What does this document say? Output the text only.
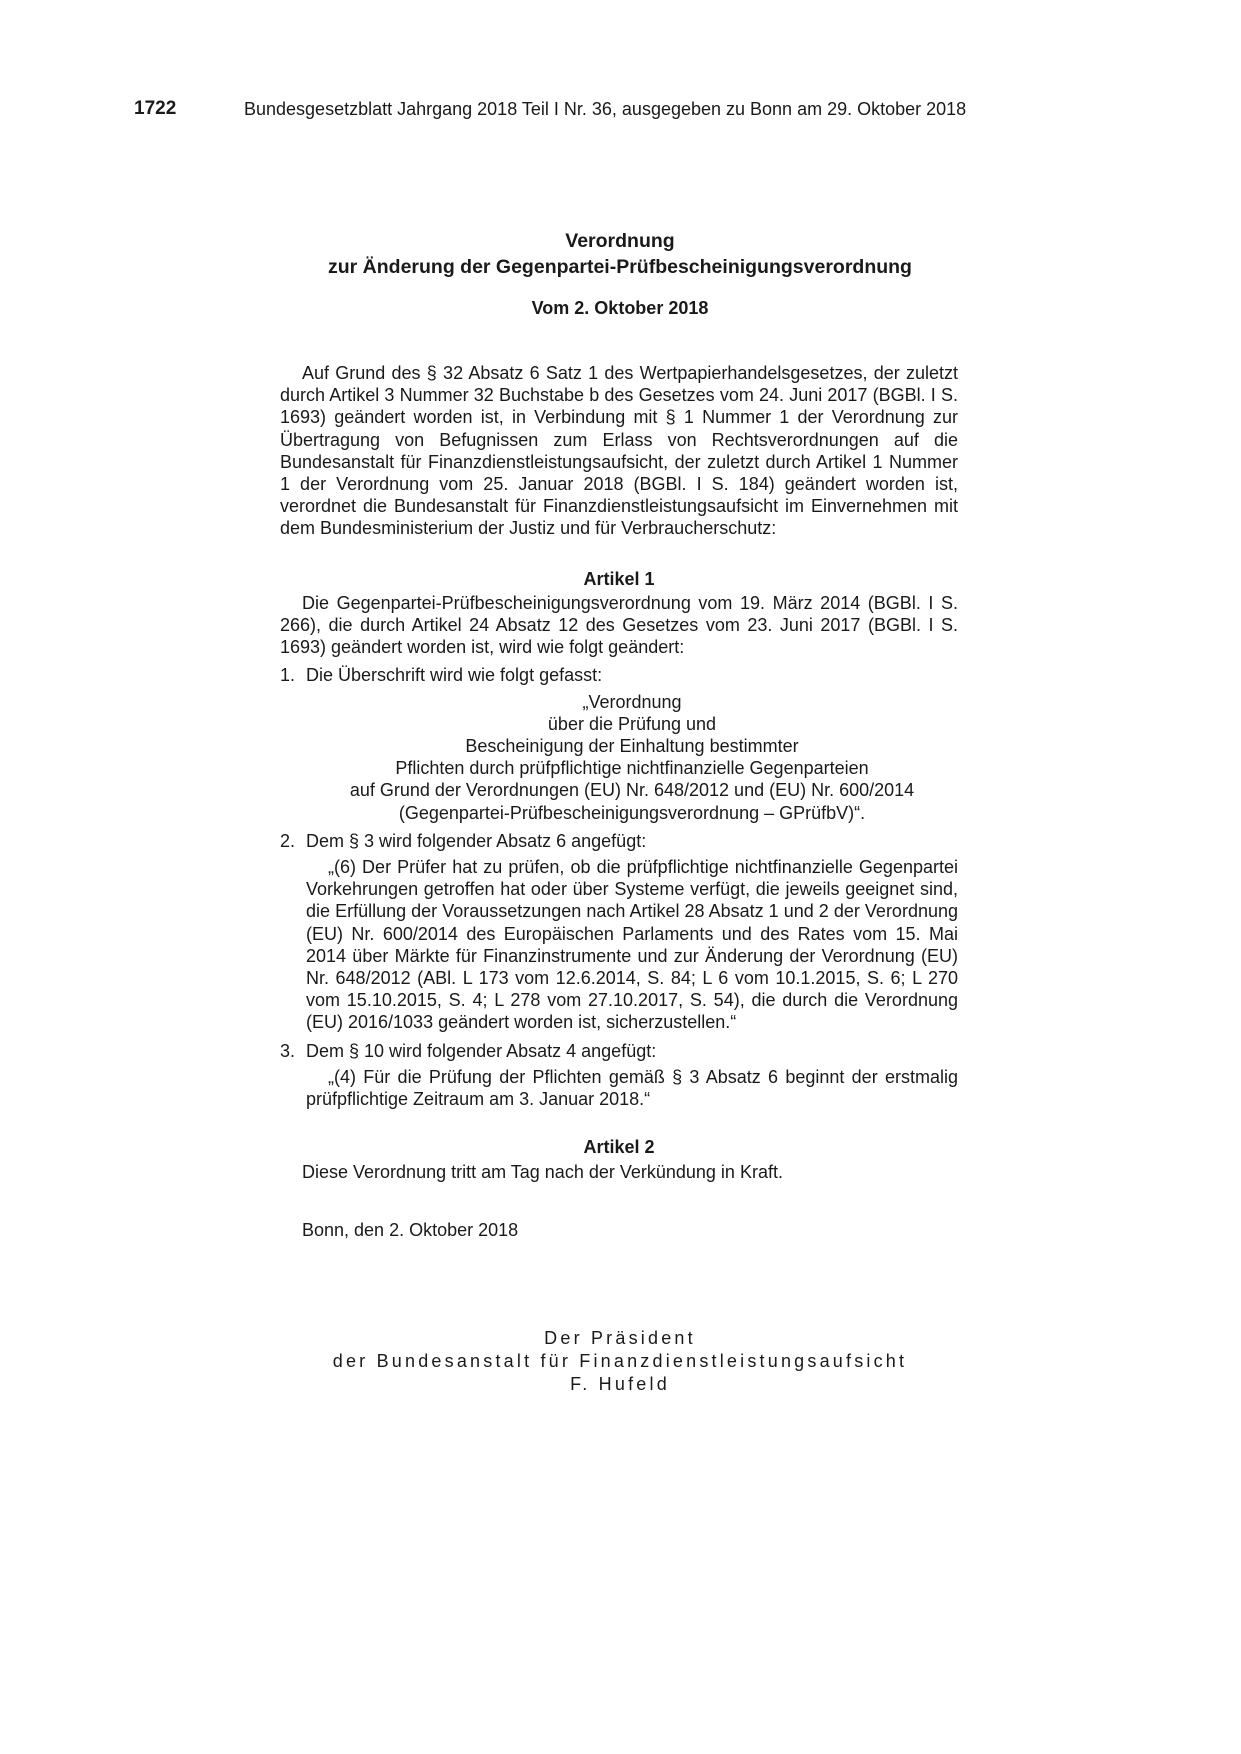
1722	Bundesgesetzblatt Jahrgang 2018 Teil I Nr. 36, ausgegeben zu Bonn am 29. Oktober 2018
Verordnung
zur Änderung der Gegenpartei-Prüfbescheinigungsverordnung
Vom 2. Oktober 2018

Auf Grund des § 32 Absatz 6 Satz 1 des Wertpapierhandelsgesetzes, der zuletzt durch Artikel 3 Nummer 32 Buchstabe b des Gesetzes vom 24. Juni 2017 (BGBl. I S. 1693) geändert worden ist, in Verbindung mit § 1 Nummer 1 der Verordnung zur Übertragung von Befugnissen zum Erlass von Rechtsverordnungen auf die Bundesanstalt für Finanzdienstleistungsaufsicht, der zuletzt durch Artikel 1 Nummer 1 der Verordnung vom 25. Januar 2018 (BGBl. I S. 184) geändert worden ist, verordnet die Bundesanstalt für Finanzdienstleistungsaufsicht im Einvernehmen mit dem Bundesministerium der Justiz und für Verbraucherschutz:

Artikel 1

Die Gegenpartei-Prüfbescheinigungsverordnung vom 19. März 2014 (BGBl. I S. 266), die durch Artikel 24 Absatz 12 des Gesetzes vom 23. Juni 2017 (BGBl. I S. 1693) geändert worden ist, wird wie folgt geändert:

1. Die Überschrift wird wie folgt gefasst:
„Verordnung
über die Prüfung und
Bescheinigung der Einhaltung bestimmter
Pflichten durch prüfpflichtige nichtfinanzielle Gegenparteien
auf Grund der Verordnungen (EU) Nr. 648/2012 und (EU) Nr. 600/2014
(Gegenpartei-Prüfbescheinigungsverordnung – GPrüfbV)“.
2. Dem § 3 wird folgender Absatz 6 angefügt:

„(6) Der Prüfer hat zu prüfen, ob die prüfpflichtige nichtfinanzielle Gegenpartei Vorkehrungen getroffen hat oder über Systeme verfügt, die jeweils geeignet sind, die Erfüllung der Voraussetzungen nach Artikel 28 Absatz 1 und 2 der Verordnung (EU) Nr. 600/2014 des Europäischen Parlaments und des Rates vom 15. Mai 2014 über Märkte für Finanzinstrumente und zur Änderung der Verordnung (EU) Nr. 648/2012 (ABl. L 173 vom 12.6.2014, S. 84; L 6 vom 10.1.2015, S. 6; L 270 vom 15.10.2015, S. 4; L 278 vom 27.10.2017, S. 54), die durch die Verordnung (EU) 2016/1033 geändert worden ist, sicherzustellen.“

3. Dem § 10 wird folgender Absatz 4 angefügt:

„(4) Für die Prüfung der Pflichten gemäß § 3 Absatz 6 beginnt der erstmalig prüfpflichtige Zeitraum am 3. Januar 2018.“

Artikel 2

Diese Verordnung tritt am Tag nach der Verkündung in Kraft.

Bonn, den 2. Oktober 2018

Der Präsident
der Bundesanstalt für Finanzdienstleistungsaufsicht
F. Hufeld
